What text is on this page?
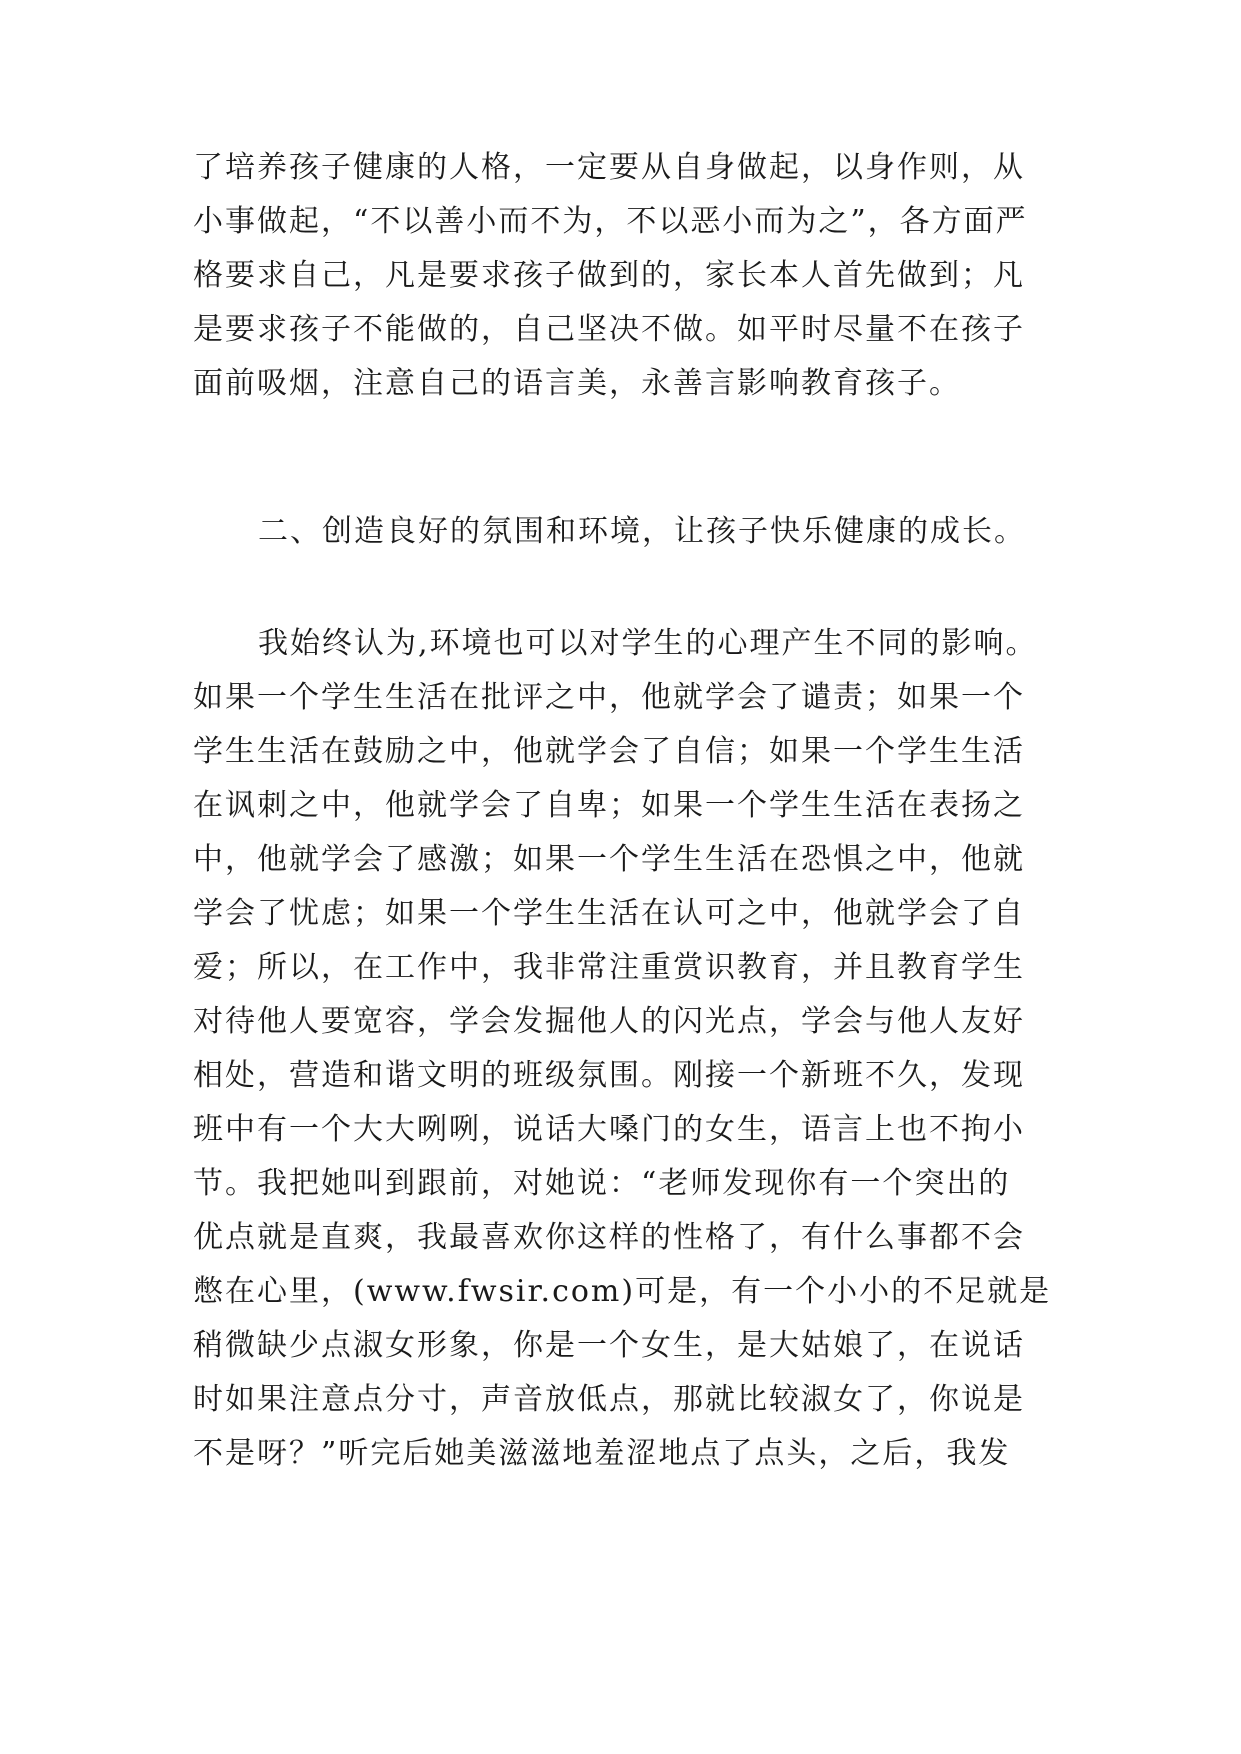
了培养孩子健康的人格，一定要从自身做起，以身作则，从
小事做起，“不以善小而不为，不以恶小而为之”，各方面严
格要求自己，凡是要求孩子做到的，家长本人首先做到；凡
是要求孩子不能做的，自己坚决不做。如平时尽量不在孩子
面前吸烟，注意自己的语言美，永善言影响教育孩子。
二、创造良好的氛围和环境，让孩子快乐健康的成长。
我始终认为,环境也可以对学生的心理产生不同的影响。
如果一个学生生活在批评之中，他就学会了谴责；如果一个
学生生活在鼓励之中，他就学会了自信；如果一个学生生活
在讽刺之中，他就学会了自卑；如果一个学生生活在表扬之
中，他就学会了感激；如果一个学生生活在恐惧之中，他就
学会了忧虑；如果一个学生生活在认可之中，他就学会了自
爱；所以，在工作中，我非常注重赏识教育，并且教育学生
对待他人要宽容，学会发掘他人的闪光点，学会与他人友好
相处，营造和谐文明的班级氛围。刚接一个新班不久，发现
班中有一个大大咧咧，说话大嗓门的女生，语言上也不拘小
节。我把她叫到跟前，对她说：“老师发现你有一个突出的
优点就是直爽，我最喜欢你这样的性格了，有什么事都不会
憋在心里，(www.fwsir.com)可是，有一个小小的不足就是
稍微缺少点淑女形象，你是一个女生，是大姑娘了，在说话
时如果注意点分寸，声音放低点，那就比较淑女了，你说是
不是呀？”听完后她美滋滋地羞涩地点了点头，之后，我发
